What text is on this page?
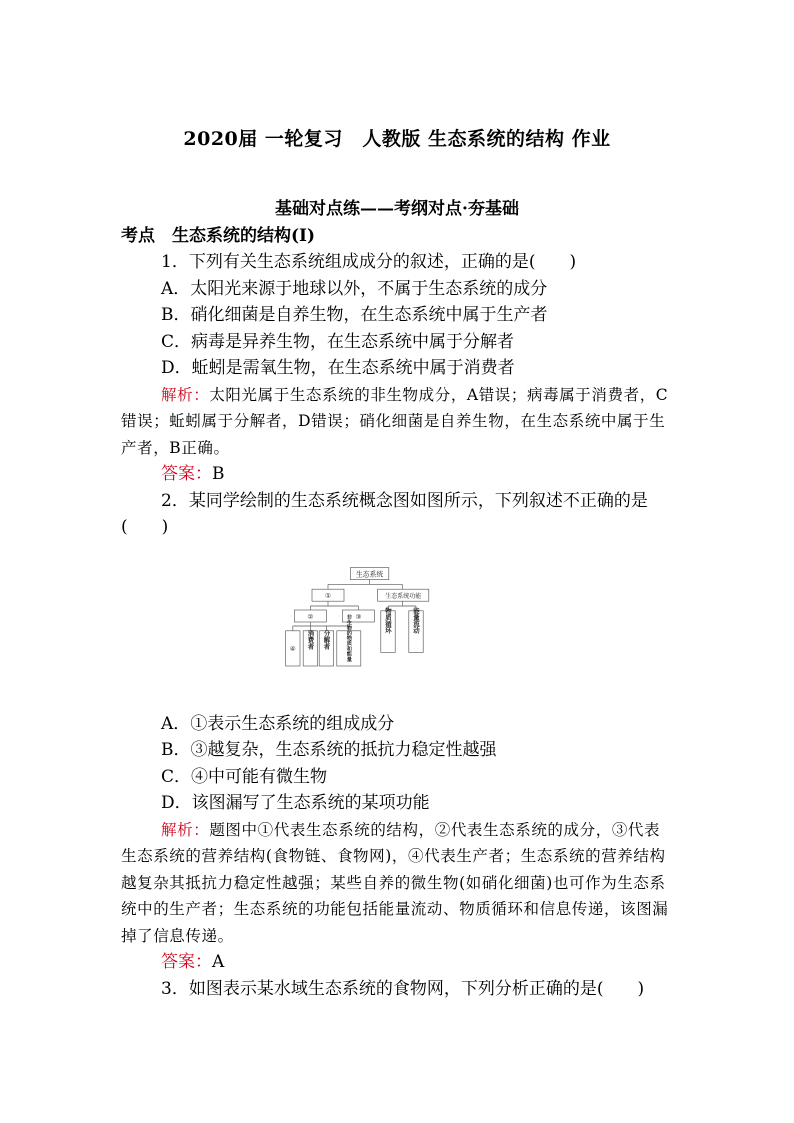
2020届 一轮复习　人教版 生态系统的结构 作业

基础对点练——考纲对点·夯基础

考点　生态系统的结构(Ⅰ)

1．下列有关生态系统组成成分的叙述，正确的是(　　)

A．太阳光来源于地球以外，不属于生态系统的成分

B．硝化细菌是自养生物，在生态系统中属于生产者

C．病毒是异养生物，在生态系统中属于分解者

D．蚯蚓是需氧生物，在生态系统中属于消费者

解析：太阳光属于生态系统的非生物成分，A错误；病毒属于消费者，C错误；蚯蚓属于分解者，D错误；硝化细菌是自养生物，在生态系统中属于生产者，B正确。

答案：B

2．某同学绘制的生态系统概念图如图所示，下列叙述不正确的是(　　)

生态系统
①	生态系统功能
②	③
④ 消费者 分解者 非生物的物质和能量	物质循环	能量流动

A．①表示生态系统的组成成分

B．③越复杂，生态系统的抵抗力稳定性越强

C．④中可能有微生物

D．该图漏写了生态系统的某项功能

解析：题图中①代表生态系统的结构，②代表生态系统的成分，③代表生态系统的营养结构(食物链、食物网)，④代表生产者；生态系统的营养结构越复杂其抵抗力稳定性越强；某些自养的微生物(如硝化细菌)也可作为生态系统中的生产者；生态系统的功能包括能量流动、物质循环和信息传递，该图漏掉了信息传递。

答案：A

3．如图表示某水域生态系统的食物网，下列分析正确的是(　　)
